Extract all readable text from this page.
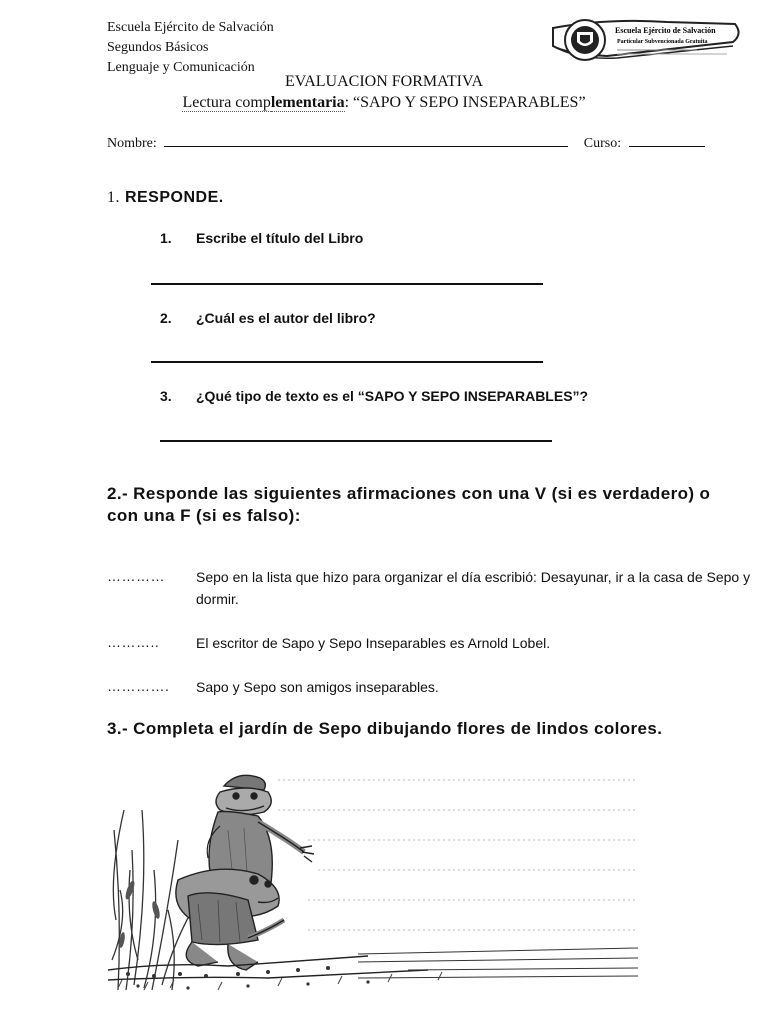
Escuela Ejército de Salvación
Segundos Básicos
Lenguaje y Comunicación
Escuela Ejército de Salvación
Particular Subvencionada Gratuita
EVALUACION FORMATIVA
Lectura complementaria: “SAPO Y SEPO INSEPARABLES”
Nombre:	Curso:
1. RESPONDE.
1. Escribe el título del Libro
2. ¿Cuál es el autor del libro?
3. ¿Qué tipo de texto es el “SAPO Y SEPO INSEPARABLES”?
2.- Responde las siguientes afirmaciones con una V (si es verdadero) o con una F (si es falso):
………… Sepo en la lista que hizo para organizar el día escribió: Desayunar, ir a la casa de Sepo y dormir.
………..	El escritor de Sapo y Sepo Inseparables es Arnold Lobel.
…………. Sapo y Sepo son amigos inseparables.
3.- Completa el jardín de Sepo dibujando flores de lindos colores.
